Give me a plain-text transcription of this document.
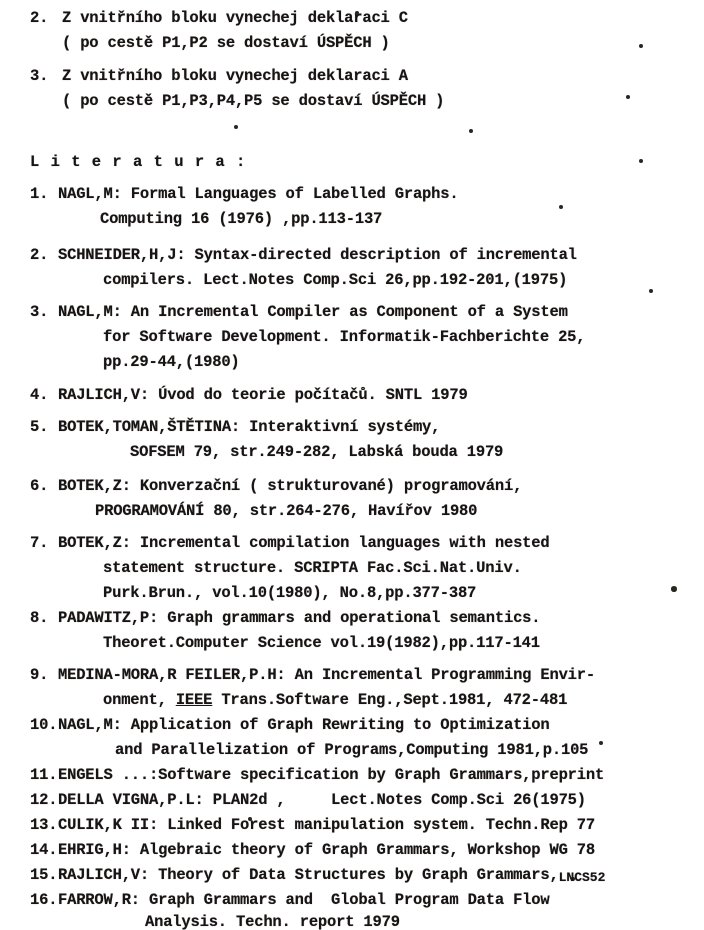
2. Z vnitřního bloku vynechej deklaraci C
( po cestě P1,P2 se dostaví ÚSPĚCH )
3. Z vnitřního bloku vynechej deklaraci A
( po cestě P1,P3,P4,P5 se dostaví ÚSPĚCH )
L i t e r a t u r a :
1. NAGL,M: Formal Languages of Labelled Graphs.
Computing 16 (1976) ,pp.113-137
2. SCHNEIDER,H,J: Syntax-directed description of incremental
compilers. Lect.Notes Comp.Sci 26,pp.192-201,(1975)
3. NAGL,M: An Incremental Compiler as Component of a System
for Software Development. Informatik-Fachberichte 25,
pp.29-44,(1980)
4. RAJLICH,V: Úvod do teorie počítačů. SNTL 1979
5. BOTEK,TOMAN,ŠTĚTINA: Interaktivní systémy,
SOFSEM 79, str.249-282, Labská bouda 1979
6. BOTEK,Z: Konverzační ( strukturované) programování,
PROGRAMOVÁNÍ 80, str.264-276, Havířov 1980
7. BOTEK,Z: Incremental compilation languages with nested
statement structure. SCRIPTA Fac.Sci.Nat.Univ.
Purk.Brun., vol.10(1980), No.8,pp.377-387
8. PADAWITZ,P: Graph grammars and operational semantics.
Theoret.Computer Science vol.19(1982),pp.117-141
9. MEDINA-MORA,R FEILER,P.H: An Incremental Programming Envir-
onment, IEEE Trans.Software Eng.,Sept.1981, 472-481
10.NAGL,M: Application of Graph Rewriting to Optimization
and Parallelization of Programs,Computing 1981,p.105
11.ENGELS ...:Software specification by Graph Grammars,preprint
12.DELLA VIGNA,P.L: PLAN2d ,     Lect.Notes Comp.Sci 26(1975)
13.CULIK,K II: Linked Forest manipulation system. Techn.Rep 77
14.EHRIG,H: Algebraic theory of Graph Grammars, Workshop WG 78
15.RAJLICH,V: Theory of Data Structures by Graph Grammars,LNCS52
16.FARROW,R: Graph Grammars and  Global Program Data Flow
Analysis. Techn. report 1979
